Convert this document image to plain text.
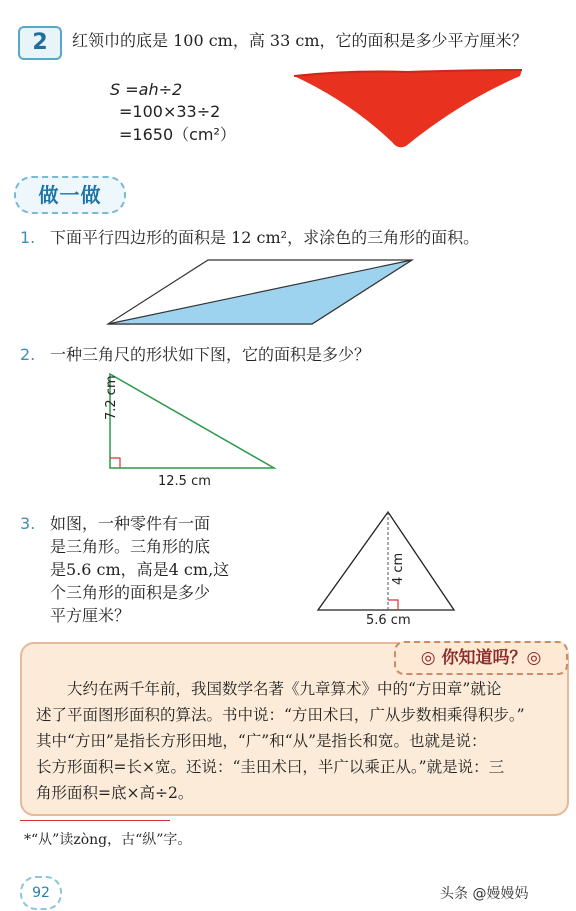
2	红领巾的底是 100 cm，高 33 cm，它的面积是多少平方厘米？
S =ah÷2
=100×33÷2
=1650（cm²）
做一做
1. 下面平行四边形的面积是 12 cm²，求涂色的三角形的面积。
2. 一种三角尺的形状如下图，它的面积是多少？
7.2 cm
12.5 cm
3. 如图，一种零件有一面
是三角形。三角形的底
是5.6 cm，高是4 cm,这
个三角形的面积是多少
平方厘米？
4 cm
5.6 cm
◎ 你知道吗？◎
大约在两千年前，我国数学名著《九章算术》中的“方田章”就论
述了平面图形面积的算法。书中说：“方田术曰，广从步数相乘得积步。”
其中“方田”是指长方形田地，“广”和“从”是指长和宽。也就是说：
长方形面积=长×宽。还说：“圭田术曰，半广以乘正从。”就是说：三
角形面积=底×高÷2。
*“从”读zòng，古“纵”字。
92	头条 @嫚嫚妈
